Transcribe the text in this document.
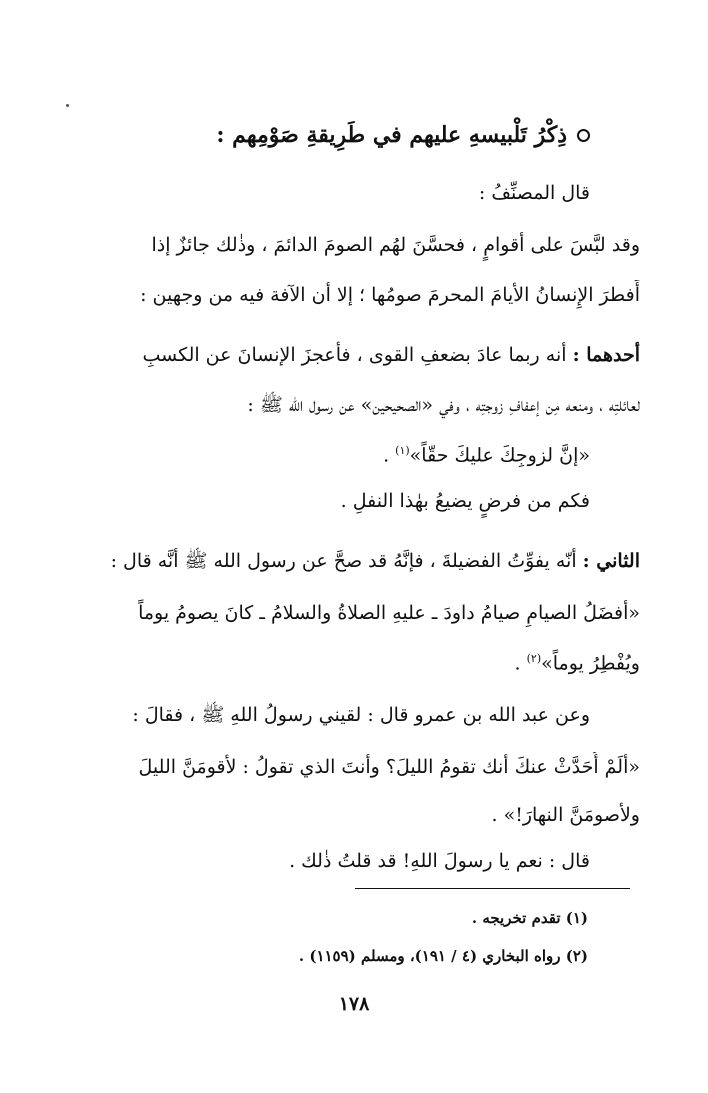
ذِكْرُ تَلْبيسهِ عليهم في طَرِيقةِ صَوْمِهم :
قال المصنِّفُ :
وقد لبَّسَ على أقوامٍ ، فحسَّنَ لهُم الصومَ الدائمَ ، وذٰلك جائزٌ إذا
أَفطرَ الإِنسانُ الأيامَ المحرمَ صومُها ؛ إلا أن الآفة فيه من وجهين :
أحدهما : أنه ربما عادَ بضعفِ القوى ، فأعجزَ الإنسانَ عن الكسبِ
لعائلتِه ، ومنعه مِن إعفافِ زوجتِه ، وفي «الصحيحين» عن رسول الله ﷺ :
«إنَّ لزوجِكَ عليكَ حقّاً»$^{(١)}$ .
فكم من فرضٍ يضيعُ بهٰذا النفلِ .
الثاني : أنّه يفوِّتُ الفضيلةَ ، فإنَّهُ قد صحَّ عن رسول الله ﷺ أنَّه قال :
«أفضَلُ الصيامِ صيامُ داودَ ـ عليهِ الصلاةُ والسلامُ ـ كانَ يصومُ يوماً
ويُفْطِرُ يوماً»$^{(٢)}$ .
وعن عبد الله بن عمرو قال : لقيني رسولُ اللهِ ﷺ ، فقالَ :
«ألَمْ أُحَدَّثْ عنكَ أنك تقومُ الليلَ؟ وأنتَ الذي تقولُ : لأقومَنَّ الليلَ
ولأصومَنَّ النهارَ!» .
قال : نعم يا رسولَ اللهِ! قد قلتُ ذٰلك .
(١) تقدم تخريجه .
(٢) رواه البخاري (٤ / ١٩١)، ومسلم (١١٥٩) .
١٧٨
